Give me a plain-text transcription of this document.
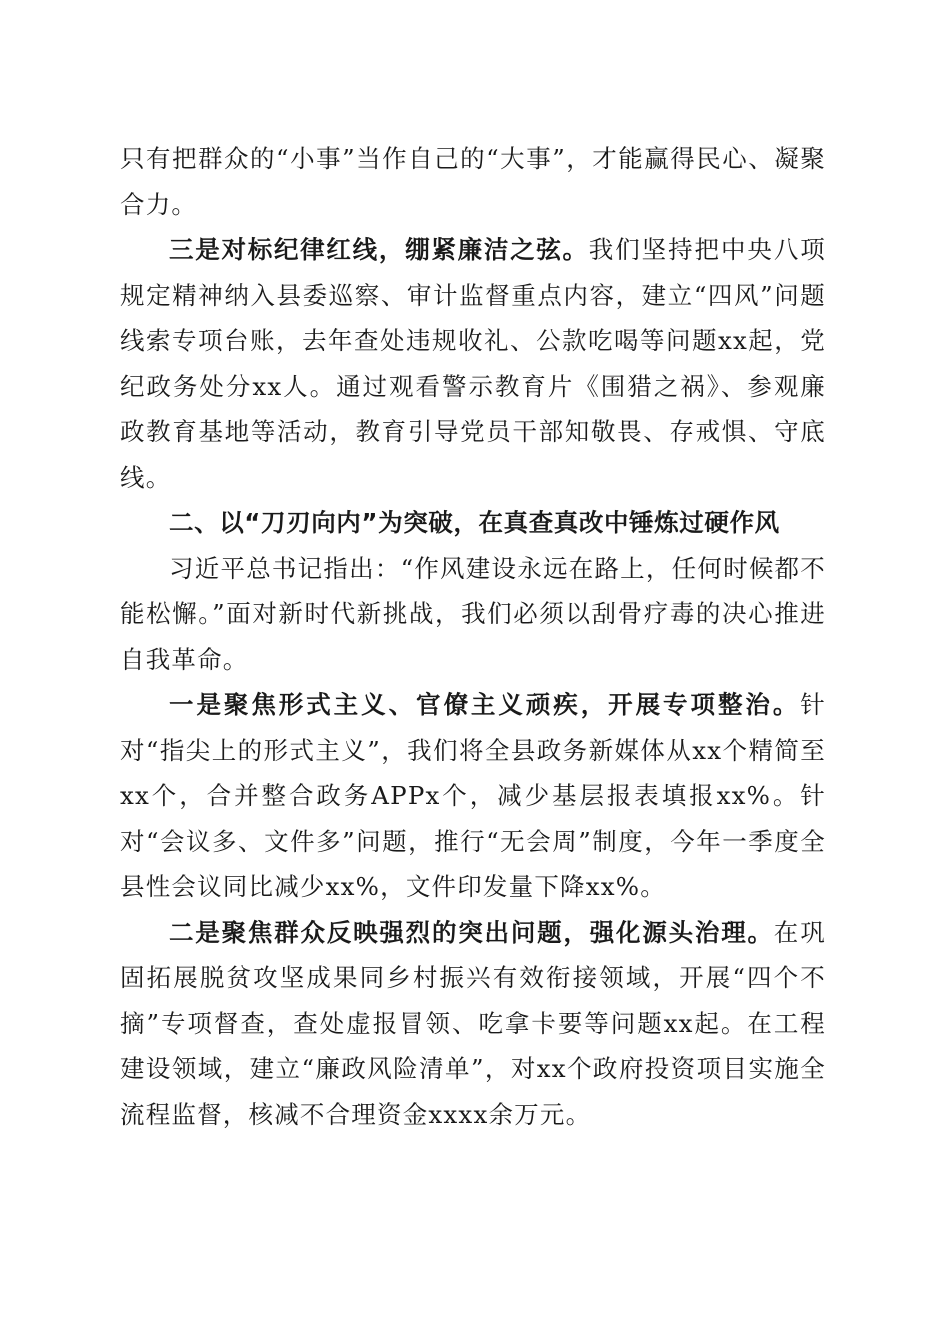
只有把群众的“小事”当作自己的“大事”，才能赢得民心、凝聚合力。

三是对标纪律红线，绷紧廉洁之弦。我们坚持把中央八项规定精神纳入县委巡察、审计监督重点内容，建立“四风”问题线索专项台账，去年查处违规收礼、公款吃喝等问题xx起，党纪政务处分xx人。通过观看警示教育片《围猎之祸》、参观廉政教育基地等活动，教育引导党员干部知敬畏、存戒惧、守底线。

二、以“刀刃向内”为突破，在真查真改中锤炼过硬作风

习近平总书记指出：“作风建设永远在路上，任何时候都不能松懈。”面对新时代新挑战，我们必须以刮骨疗毒的决心推进自我革命。

一是聚焦形式主义、官僚主义顽疾，开展专项整治。针对“指尖上的形式主义”，我们将全县政务新媒体从xx个精简至xx个，合并整合政务APPx个，减少基层报表填报xx%。针对“会议多、文件多”问题，推行“无会周”制度，今年一季度全县性会议同比减少xx%，文件印发量下降xx%。

二是聚焦群众反映强烈的突出问题，强化源头治理。在巩固拓展脱贫攻坚成果同乡村振兴有效衔接领域，开展“四个不摘”专项督查，查处虚报冒领、吃拿卡要等问题xx起。在工程建设领域，建立“廉政风险清单”，对xx个政府投资项目实施全流程监督，核减不合理资金xxxx余万元。
